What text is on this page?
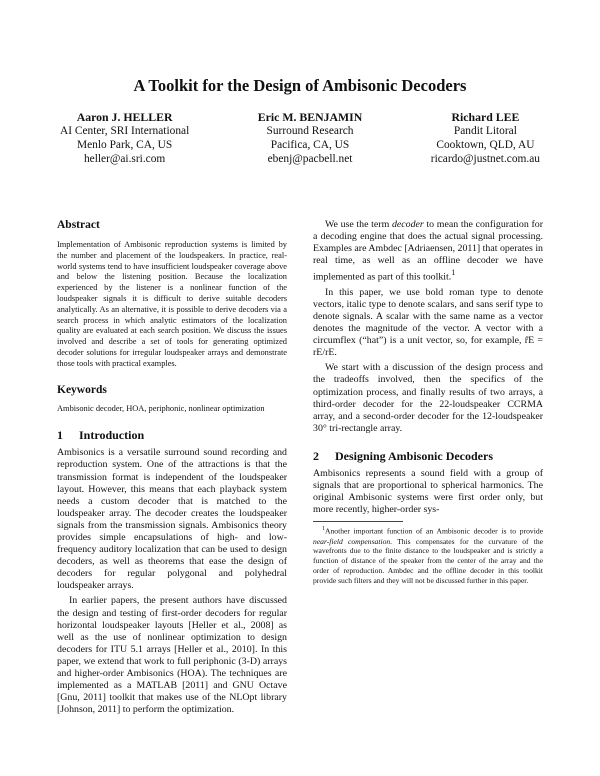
A Toolkit for the Design of Ambisonic Decoders
Aaron J. HELLER
AI Center, SRI International
Menlo Park, CA, US
heller@ai.sri.com
Eric M. BENJAMIN
Surround Research
Pacifica, CA, US
ebenj@pacbell.net
Richard LEE
Pandit Litoral
Cooktown, QLD, AU
ricardo@justnet.com.au
Abstract
Implementation of Ambisonic reproduction systems is limited by the number and placement of the loudspeakers. In practice, real-world systems tend to have insufficient loudspeaker coverage above and below the listening position. Because the localization experienced by the listener is a nonlinear function of the loudspeaker signals it is difficult to derive suitable decoders analytically. As an alternative, it is possible to derive decoders via a search process in which analytic estimators of the localization quality are evaluated at each search position. We discuss the issues involved and describe a set of tools for generating optimized decoder solutions for irregular loudspeaker arrays and demonstrate those tools with practical examples.
Keywords
Ambisonic decoder, HOA, periphonic, nonlinear optimization
1 Introduction

Ambisonics is a versatile surround sound recording and reproduction system. One of the attractions is that the transmission format is independent of the loudspeaker layout. However, this means that each playback system needs a custom decoder that is matched to the loudspeaker array. The decoder creates the loudspeaker signals from the transmission signals. Ambisonics theory provides simple encapsulations of high- and low-frequency auditory localization that can be used to design decoders, as well as theorems that ease the design of decoders for regular polygonal and polyhedral loudspeaker arrays.

In earlier papers, the present authors have discussed the design and testing of first-order decoders for regular horizontal loudspeaker layouts [Heller et al., 2008] as well as the use of nonlinear optimization to design decoders for ITU 5.1 arrays [Heller et al., 2010]. In this paper, we extend that work to full periphonic (3-D) arrays and higher-order Ambisonics (HOA). The techniques are implemented as a MATLAB [2011] and GNU Octave [Gnu, 2011] toolkit that makes use of the NLOpt library [Johnson, 2011] to perform the optimization.

We use the term decoder to mean the configuration for a decoding engine that does the actual signal processing. Examples are Ambdec [Adriaensen, 2011] that operates in real time, as well as an offline decoder we have implemented as part of this toolkit.$^1$

In this paper, we use bold roman type to denote vectors, italic type to denote scalars, and sans serif type to denote signals. A scalar with the same name as a vector denotes the magnitude of the vector. A vector with a circumflex (“hat”) is a unit vector, so, for example, r̂E = rE/rE.

We start with a discussion of the design process and the tradeoffs involved, then the specifics of the optimization process, and finally results of two arrays, a third-order decoder for the 22-loudspeaker CCRMA array, and a second-order decoder for the 12-loudspeaker 30° tri-rectangle array.

2 Designing Ambisonic Decoders

Ambisonics represents a sound field with a group of signals that are proportional to spherical harmonics. The original Ambisonic systems were first order only, but more recently, higher-order sys-

$^1$Another important function of an Ambisonic decoder is to provide near-field compensation. This compensates for the curvature of the wavefronts due to the finite distance to the loudspeaker and is strictly a function of distance of the speaker from the center of the array and the order of reproduction. Ambdec and the offline decoder in this toolkit provide such filters and they will not be discussed further in this paper.
